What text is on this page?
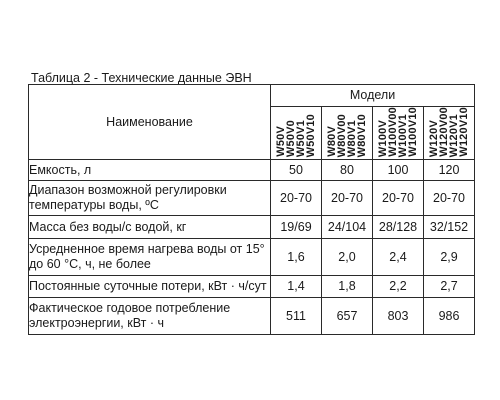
Таблица 2 - Технические данные ЭВН
Наименование	Модели			

	W50V
W50V0
W50V1
W50V10	W80V
W80V00
W80V1
W80V10	W100V
W100V00
W100V1
W100V10	W120V
W120V00
W120V1
W120V10

Емкость, л	50	80	100	120
Диапазон возможной регулировки температуры воды, ºС	20-70	20-70	20-70	20-70
Масса без воды/с водой, кг	19/69	24/104	28/128	32/152
Усредненное время нагрева воды от 15° до 60 °С, ч, не более	1,6	2,0	2,4	2,9
Постоянные суточные потери, кВт · ч/сут	1,4	1,8	2,2	2,7
Фактическое годовое потребление электроэнергии, кВт · ч	511	657	803	986
